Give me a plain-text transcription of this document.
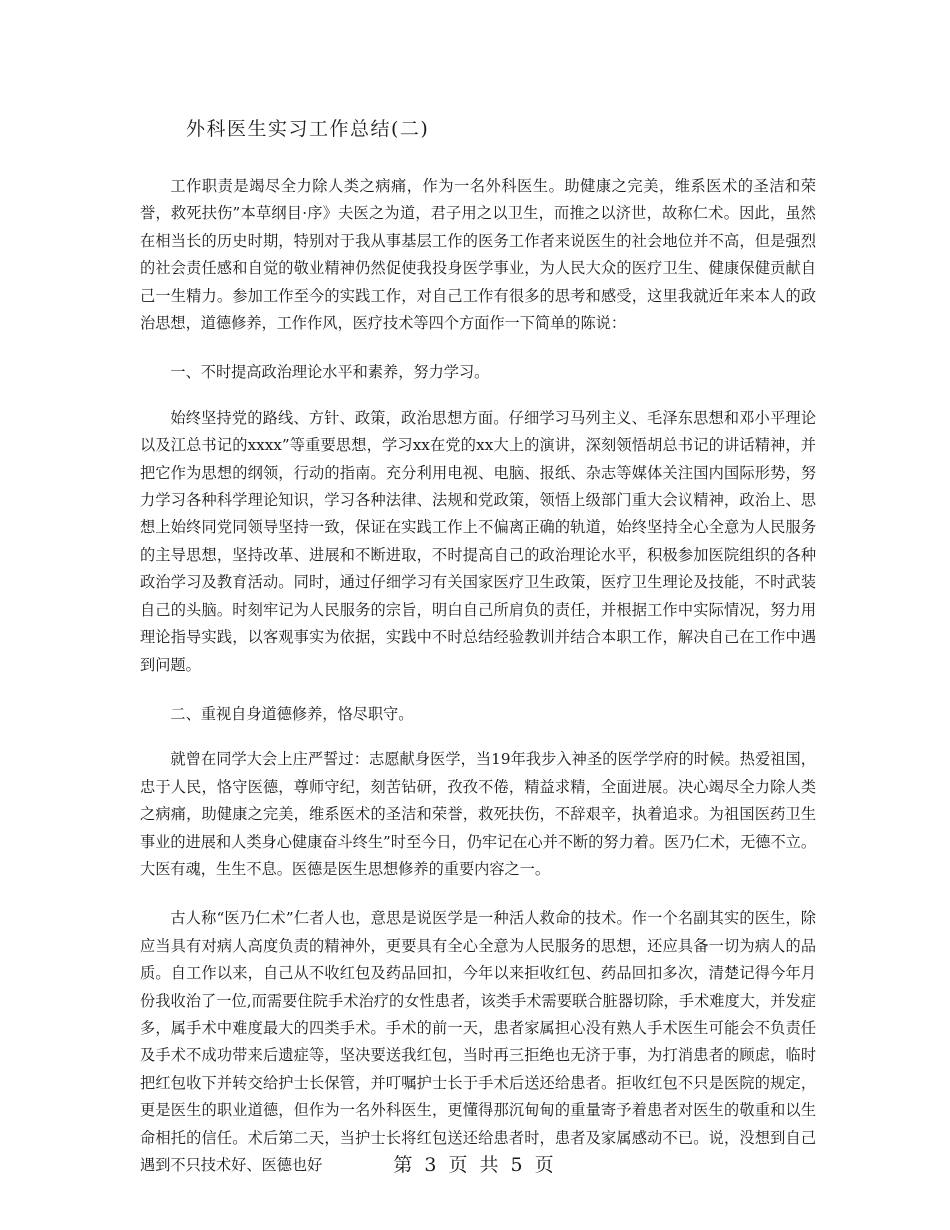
外科医生实习工作总结(二)

工作职责是竭尽全力除人类之病痛，作为一名外科医生。助健康之完美，维系医术的圣洁和荣誉，救死扶伤”本草纲目·序》夫医之为道，君子用之以卫生，而推之以济世，故称仁术。因此，虽然在相当长的历史时期，特别对于我从事基层工作的医务工作者来说医生的社会地位并不高，但是强烈的社会责任感和自觉的敬业精神仍然促使我投身医学事业，为人民大众的医疗卫生、健康保健贡献自己一生精力。参加工作至今的实践工作，对自己工作有很多的思考和感受，这里我就近年来本人的政治思想，道德修养，工作作风，医疗技术等四个方面作一下简单的陈说：

一、不时提高政治理论水平和素养，努力学习。

始终坚持党的路线、方针、政策，政治思想方面。仔细学习马列主义、毛泽东思想和邓小平理论以及江总书记的xxxx”等重要思想，学习xx在党的xx大上的演讲，深刻领悟胡总书记的讲话精神，并把它作为思想的纲领，行动的指南。充分利用电视、电脑、报纸、杂志等媒体关注国内国际形势，努力学习各种科学理论知识，学习各种法律、法规和党政策，领悟上级部门重大会议精神，政治上、思想上始终同党同领导坚持一致，保证在实践工作上不偏离正确的轨道，始终坚持全心全意为人民服务的主导思想，坚持改革、进展和不断进取，不时提高自己的政治理论水平，积极参加医院组织的各种政治学习及教育活动。同时，通过仔细学习有关国家医疗卫生政策，医疗卫生理论及技能，不时武装自己的头脑。时刻牢记为人民服务的宗旨，明白自己所肩负的责任，并根据工作中实际情况，努力用理论指导实践，以客观事实为依据，实践中不时总结经验教训并结合本职工作，解决自己在工作中遇到问题。

二、重视自身道德修养，恪尽职守。

就曾在同学大会上庄严誓过：志愿献身医学，当19年我步入神圣的医学学府的时候。热爱祖国，忠于人民，恪守医德，尊师守纪，刻苦钻研，孜孜不倦，精益求精，全面进展。决心竭尽全力除人类之病痛，助健康之完美，维系医术的圣洁和荣誉，救死扶伤，不辞艰辛，执着追求。为祖国医药卫生事业的进展和人类身心健康奋斗终生”时至今日，仍牢记在心并不断的努力着。医乃仁术，无德不立。大医有魂，生生不息。医德是医生思想修养的重要内容之一。

古人称“医乃仁术”仁者人也，意思是说医学是一种活人救命的技术。作一个名副其实的医生，除应当具有对病人高度负责的精神外，更要具有全心全意为人民服务的思想，还应具备一切为病人的品质。自工作以来，自己从不收红包及药品回扣，今年以来拒收红包、药品回扣多次，清楚记得今年月份我收治了一位,而需要住院手术治疗的女性患者，该类手术需要联合脏器切除，手术难度大，并发症多，属手术中难度最大的四类手术。手术的前一天，患者家属担心没有熟人手术医生可能会不负责任及手术不成功带来后遗症等，坚决要送我红包，当时再三拒绝也无济于事，为打消患者的顾虑，临时把红包收下并转交给护士长保管，并叮嘱护士长于手术后送还给患者。拒收红包不只是医院的规定，更是医生的职业道德，但作为一名外科医生，更懂得那沉甸甸的重量寄予着患者对医生的敬重和以生命相托的信任。术后第二天，当护士长将红包送还给患者时，患者及家属感动不已。说，没想到自己遇到不只技术好、医德也好	第 3 页 共 5 页
